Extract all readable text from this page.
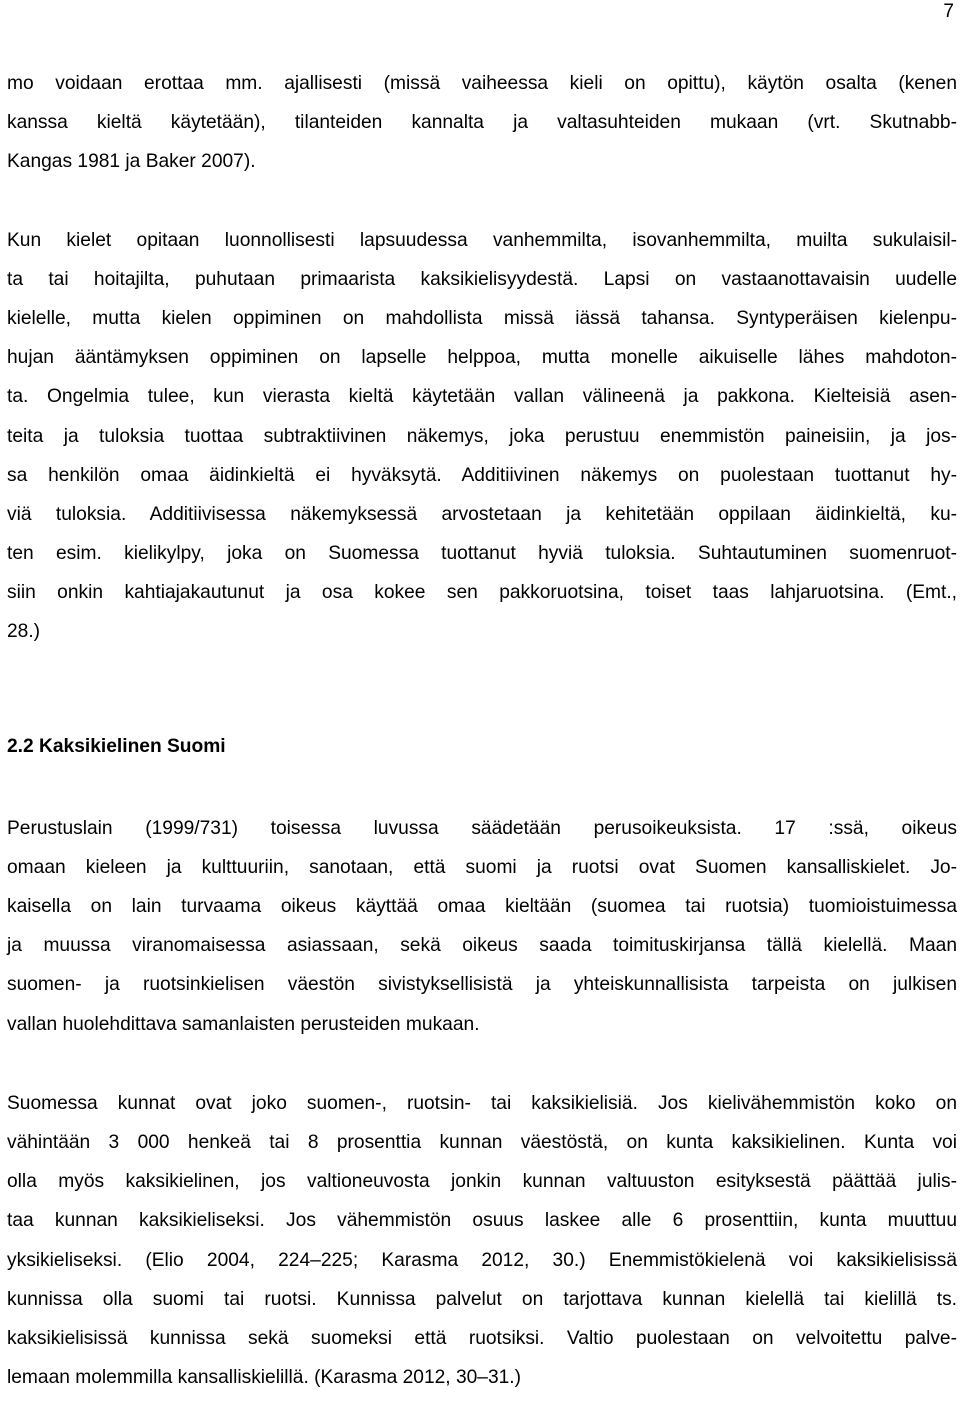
7
mo voidaan erottaa mm. ajallisesti (missä vaiheessa kieli on opittu), käytön osalta (kenen
kanssa kieltä käytetään), tilanteiden kannalta ja valtasuhteiden mukaan (vrt. Skutnabb-
Kangas 1981 ja Baker 2007).
Kun kielet opitaan luonnollisesti lapsuudessa vanhemmilta, isovanhemmilta, muilta sukulaisil-
ta tai hoitajilta, puhutaan primaarista kaksikielisyydestä. Lapsi on vastaanottavaisin uudelle
kielelle, mutta kielen oppiminen on mahdollista missä iässä tahansa. Syntyperäisen kielenpu-
hujan ääntämyksen oppiminen on lapselle helppoa, mutta monelle aikuiselle lähes mahdoton-
ta. Ongelmia tulee, kun vierasta kieltä käytetään vallan välineenä ja pakkona. Kielteisiä asen-
teita ja tuloksia tuottaa subtraktiivinen näkemys, joka perustuu enemmistön paineisiin, ja jos-
sa henkilön omaa äidinkieltä ei hyväksytä. Additiivinen näkemys on puolestaan tuottanut hy-
viä tuloksia. Additiivisessa näkemyksessä arvostetaan ja kehitetään oppilaan äidinkieltä, ku-
ten esim. kielikylpy, joka on Suomessa tuottanut hyviä tuloksia. Suhtautuminen suomenruot-
siin onkin kahtiajakautunut ja osa kokee sen pakkoruotsina, toiset taas lahjaruotsina. (Emt.,
28.)
2.2 Kaksikielinen Suomi
Perustuslain (1999/731) toisessa luvussa säädetään perusoikeuksista. 17 :ssä, oikeus
omaan kieleen ja kulttuuriin, sanotaan, että suomi ja ruotsi ovat Suomen kansalliskielet. Jo-
kaisella on lain turvaama oikeus käyttää omaa kieltään (suomea tai ruotsia) tuomioistuimessa
ja muussa viranomaisessa asiassaan, sekä oikeus saada toimituskirjansa tällä kielellä. Maan
suomen- ja ruotsinkielisen väestön sivistyksellisistä ja yhteiskunnallisista tarpeista on julkisen
vallan huolehdittava samanlaisten perusteiden mukaan.
Suomessa kunnat ovat joko suomen-, ruotsin- tai kaksikielisiä. Jos kielivähemmistön koko on
vähintään 3 000 henkeä tai 8 prosenttia kunnan väestöstä, on kunta kaksikielinen. Kunta voi
olla myös kaksikielinen, jos valtioneuvosta jonkin kunnan valtuuston esityksestä päättää julis-
taa kunnan kaksikieliseksi. Jos vähemmistön osuus laskee alle 6 prosenttiin, kunta muuttuu
yksikieliseksi. (Elio 2004, 224–225; Karasma 2012, 30.) Enemmistökielenä voi kaksikielisissä
kunnissa olla suomi tai ruotsi. Kunnissa palvelut on tarjottava kunnan kielellä tai kielillä ts.
kaksikielisissä kunnissa sekä suomeksi että ruotsiksi. Valtio puolestaan on velvoitettu palve-
lemaan molemmilla kansalliskielillä. (Karasma 2012, 30–31.)
